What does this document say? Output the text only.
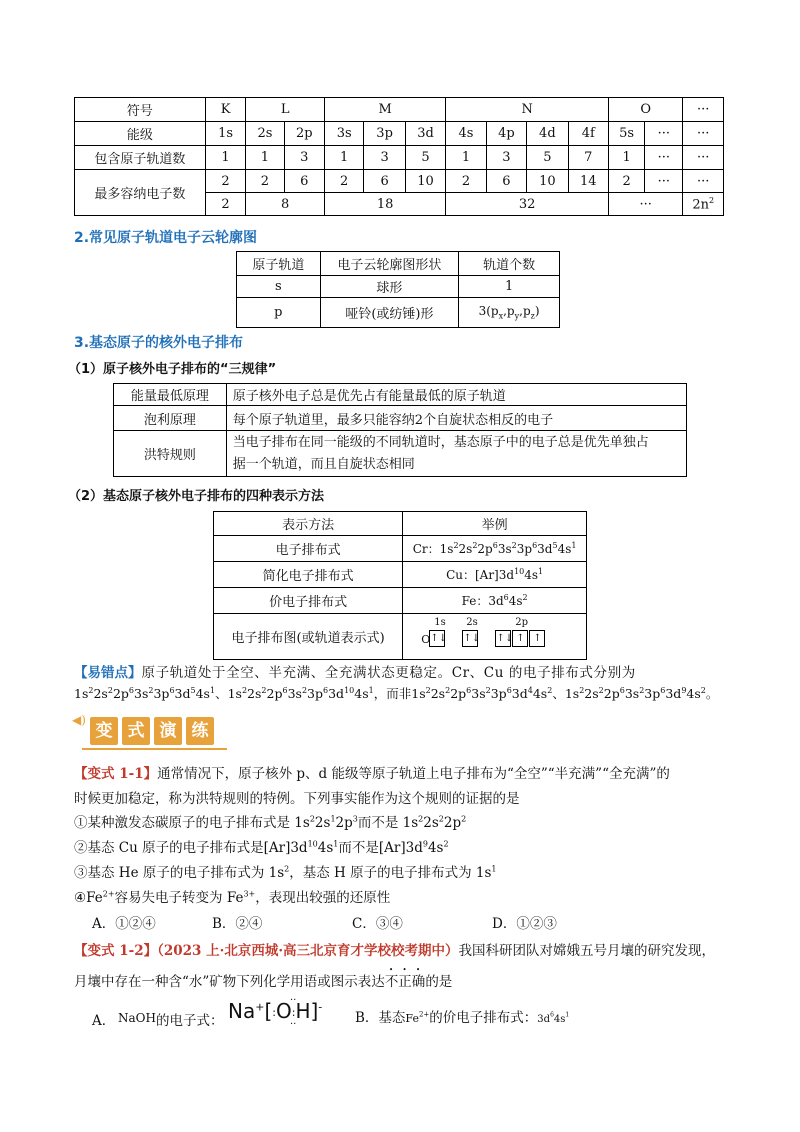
符号	K	L		M			N				O		···
能级	1s	2s	2p	3s	3p	3d	4s	4p	4d	4f	5s	···	···
包含原子轨道数	1	1	3	1	3	5	1	3	5	7	1	···	···
最多容纳电子数	2	2	6	2	6	10	2	6	10	14	2	···	···
	2	8		18			32				···		$2n^2$
2.常见原子轨道电子云轮廓图
原子轨道	电子云轮廓图形状	轨道个数
s	球形	1
p	哑铃(或纺锤)形	$3(p_x,p_y,p_z)$
3.基态原子的核外电子排布
（1）原子核外电子排布的“三规律”
能量最低原理	原子核外电子总是优先占有能量最低的原子轨道
泡利原理	每个原子轨道里，最多只能容纳2个自旋状态相反的电子
洪特规则	当电子排布在同一能级的不同轨道时，基态原子中的电子总是优先单独占
据一个轨道，而且自旋状态相同
（2）基态原子核外电子排布的四种表示方法
表示方法	举例
电子排布式	Cr：$1s^22s^22p^63s^23p^63d^54s^1$
简化电子排布式	Cu：$[Ar]3d^{10}4s^1$
价电子排布式	Fe：$3d^64s^2$
电子排布图(或轨道表示式)	1s 2s 2p
O ↑↓ ↑↓ ↑↓ ↑ ↑
【易错点】原子轨道处于全空、半充满、全充满状态更稳定。Cr、Cu 的电子排布式分别为
$1s^22s^22p^63s^23p^63d^54s^1$、$1s^22s^22p^63s^23p^63d^{10}4s^1$，而非$1s^22s^22p^63s^23p^63d^44s^2$、$1s^22s^22p^63s^23p^63d^94s^2$。
◀)
变 式 演 练
【变式 1-1】通常情况下，原子核外 p、d 能级等原子轨道上电子排布为“全空”“半充满”“全充满”的
时候更加稳定，称为洪特规则的特例。下列事实能作为这个规则的证据的是
①某种激发态碳原子的电子排布式是 $1s^22s^12p^3$而不是 $1s^22s^22p^2$
②基态 Cu 原子的电子排布式是$[Ar]3d^{10}4s^1$而不是$[Ar]3d^94s^2$
③基态 He 原子的电子排布式为 $1s^2$，基态 H 原子的电子排布式为 $1s^1$
$④Fe^{2+}$容易失电子转变为 $Fe^{3+}$，表现出较强的还原性
A．①②④	B．②④	C．③④	D．①②③
【变式 1-2】（2023 上·北京西城·高三北京育才学校校考期中）我国科研团队对嫦娥五号月壤的研究发现，
月壤中存在一种含“水”矿物下列化学用语或图示表达不正确的是
A． NaOH 的电子式： Na+[:O:H]-
··
··	B．基态$Fe^{2+}$的价电子排布式：$3d^64s^1$
